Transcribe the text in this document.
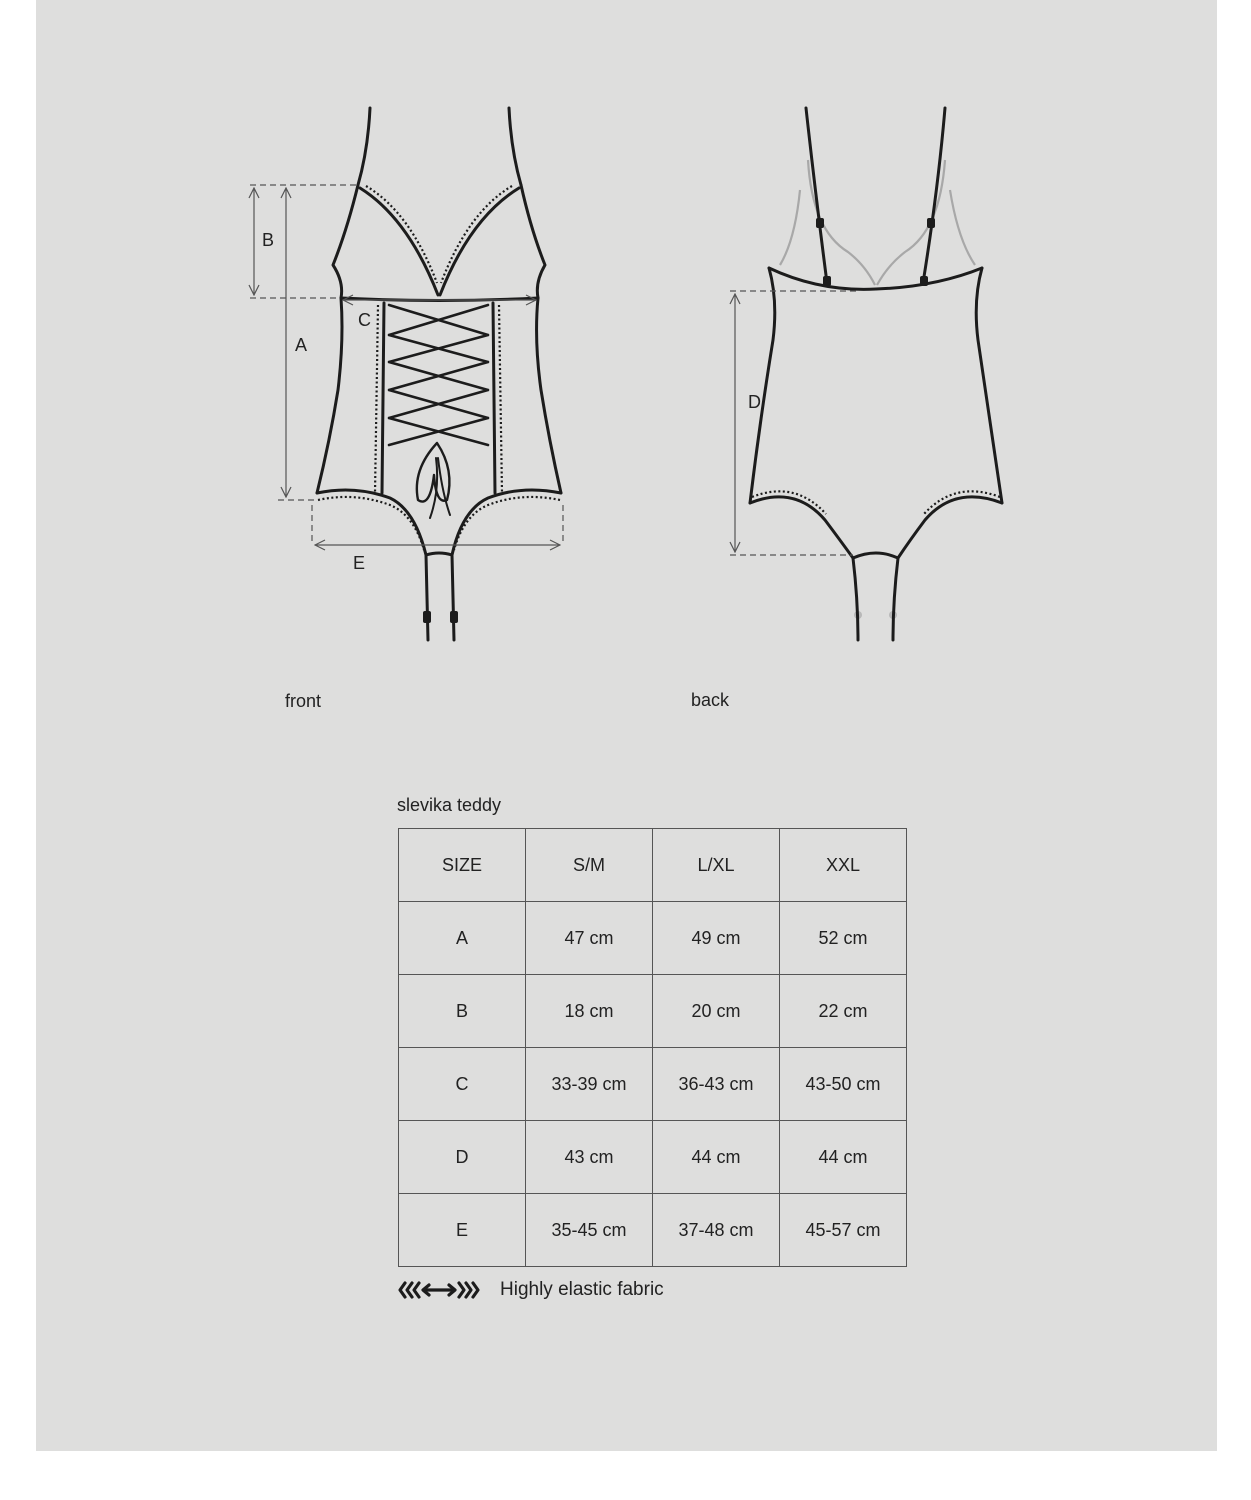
B
A
C
E
D
front	back
slevika teddy
SIZE	S/M	L/XL	XXL
A	47 cm	49 cm	52 cm
B	18 cm	20 cm	22 cm
C	33-39 cm	36-43 cm	43-50 cm
D	43 cm	44 cm	44 cm
E	35-45 cm	37-48 cm	45-57 cm
Highly elastic fabric
